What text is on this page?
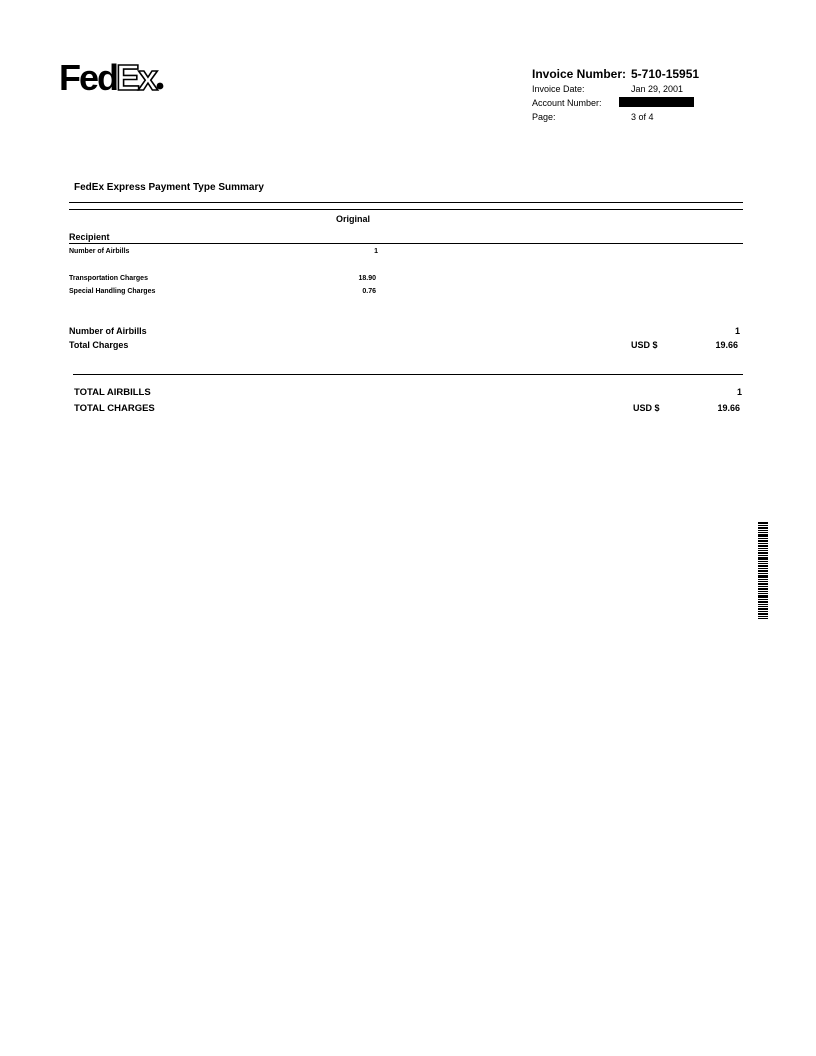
Fed
Ex	Invoice Number: 5-710-15951
Invoice Date:	Jan 29, 2001
Account Number:
Page:	3 of 4
FedEx Express Payment Type Summary
Original
Recipient
Number of Airbills	1
Transportation Charges	18.90
Special Handling Charges	0.76
Number of Airbills	1
Total Charges	USD $	19.66
TOTAL AIRBILLS	1
TOTAL CHARGES	USD $	19.66
